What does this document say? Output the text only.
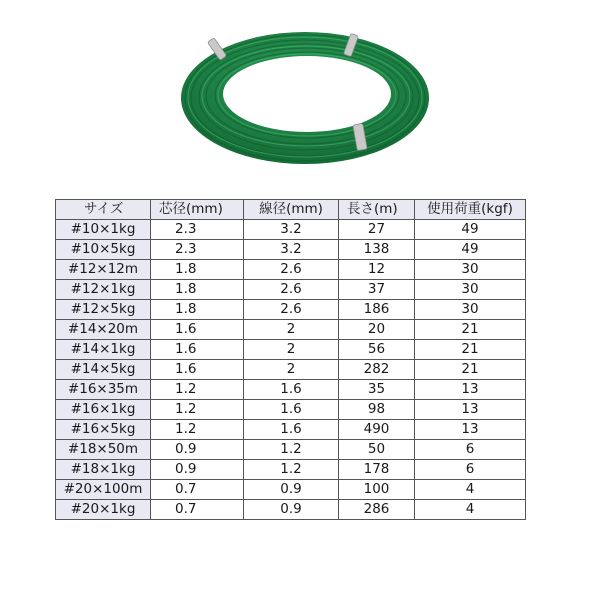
サイズ	芯径(mm)	線径(mm)	長さ(m)	使用荷重(kgf)
#10×1kg	2.3	3.2	27	49
#10×5kg	2.3	3.2	138	49
#12×12m	1.8	2.6	12	30
#12×1kg	1.8	2.6	37	30
#12×5kg	1.8	2.6	186	30
#14×20m	1.6	2	20	21
#14×1kg	1.6	2	56	21
#14×5kg	1.6	2	282	21
#16×35m	1.2	1.6	35	13
#16×1kg	1.2	1.6	98	13
#16×5kg	1.2	1.6	490	13
#18×50m	0.9	1.2	50	6
#18×1kg	0.9	1.2	178	6
#20×100m	0.7	0.9	100	4
#20×1kg	0.7	0.9	286	4
